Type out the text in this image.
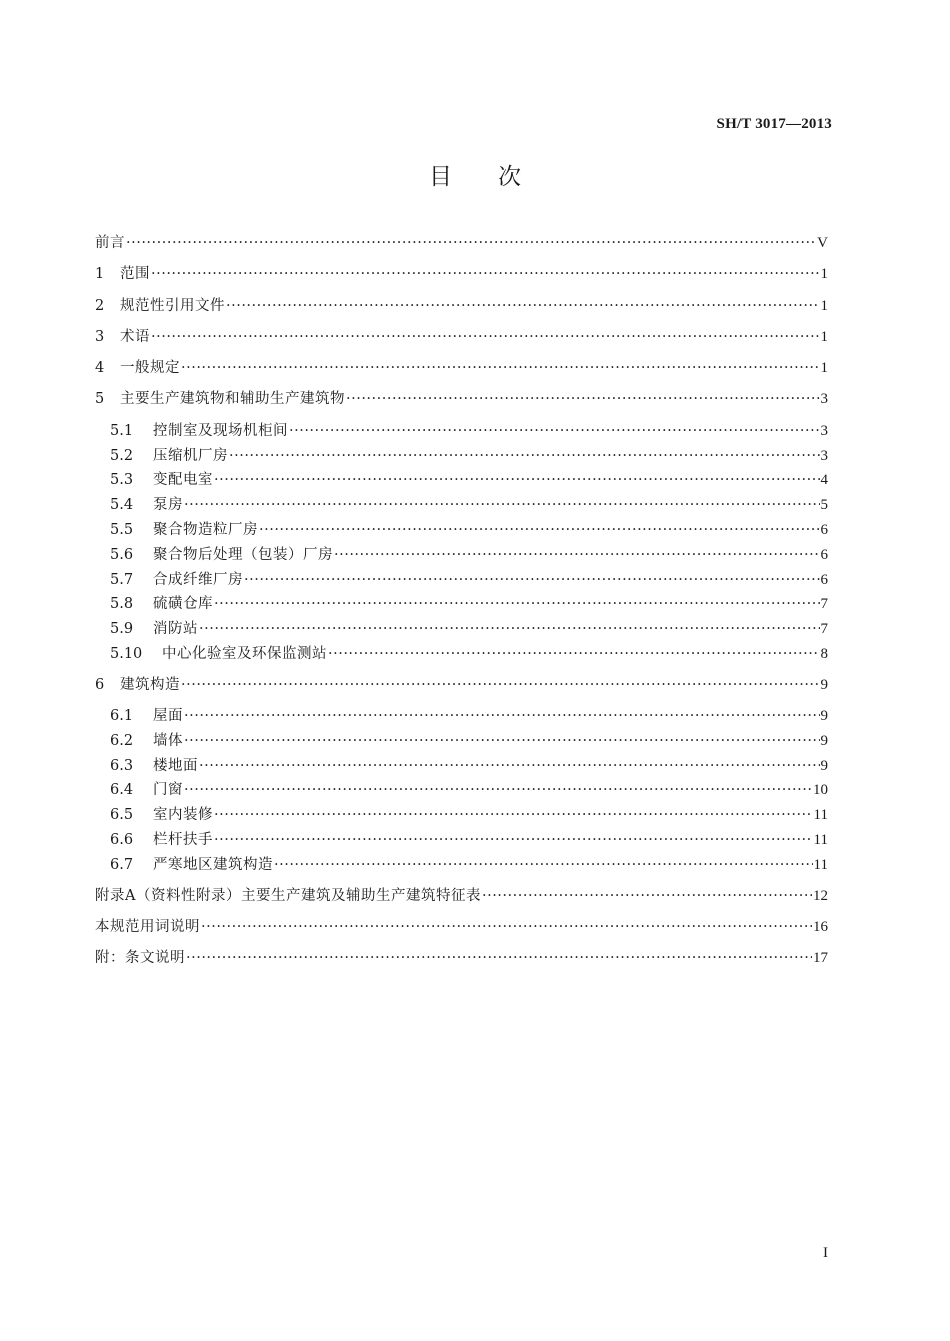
SH/T 3017—2013
目次
前言 ·····	V
1	范围 ·····	1
2	规范性引用文件 ·····	1
3	术语 ·····	1
4	一般规定 ·····	1
5	主要生产建筑物和辅助生产建筑物 ·····	3
5.1	控制室及现场机柜间 ·····	3
5.2	压缩机厂房 ·····	3
5.3	变配电室 ·····	4
5.4	泵房 ·····	5
5.5	聚合物造粒厂房 ·····	6
5.6	聚合物后处理（包装）厂房 ·····	6
5.7	合成纤维厂房 ·····	6
5.8	硫磺仓库 ·····	7
5.9	消防站 ·····	7
5.10	中心化验室及环保监测站 ·····	8
6	建筑构造 ·····	9
6.1	屋面 ·····	9
6.2	墙体 ·····	9
6.3	楼地面 ·····	9
6.4	门窗 ·····	10
6.5	室内装修 ·····	11
6.6	栏杆扶手 ·····	11
6.7	严寒地区建筑构造 ·····	11
附录A（资料性附录）主要生产建筑及辅助生产建筑特征表 ·····	12
本规范用词说明 ·····	16
附：条文说明 ·····	17
I
